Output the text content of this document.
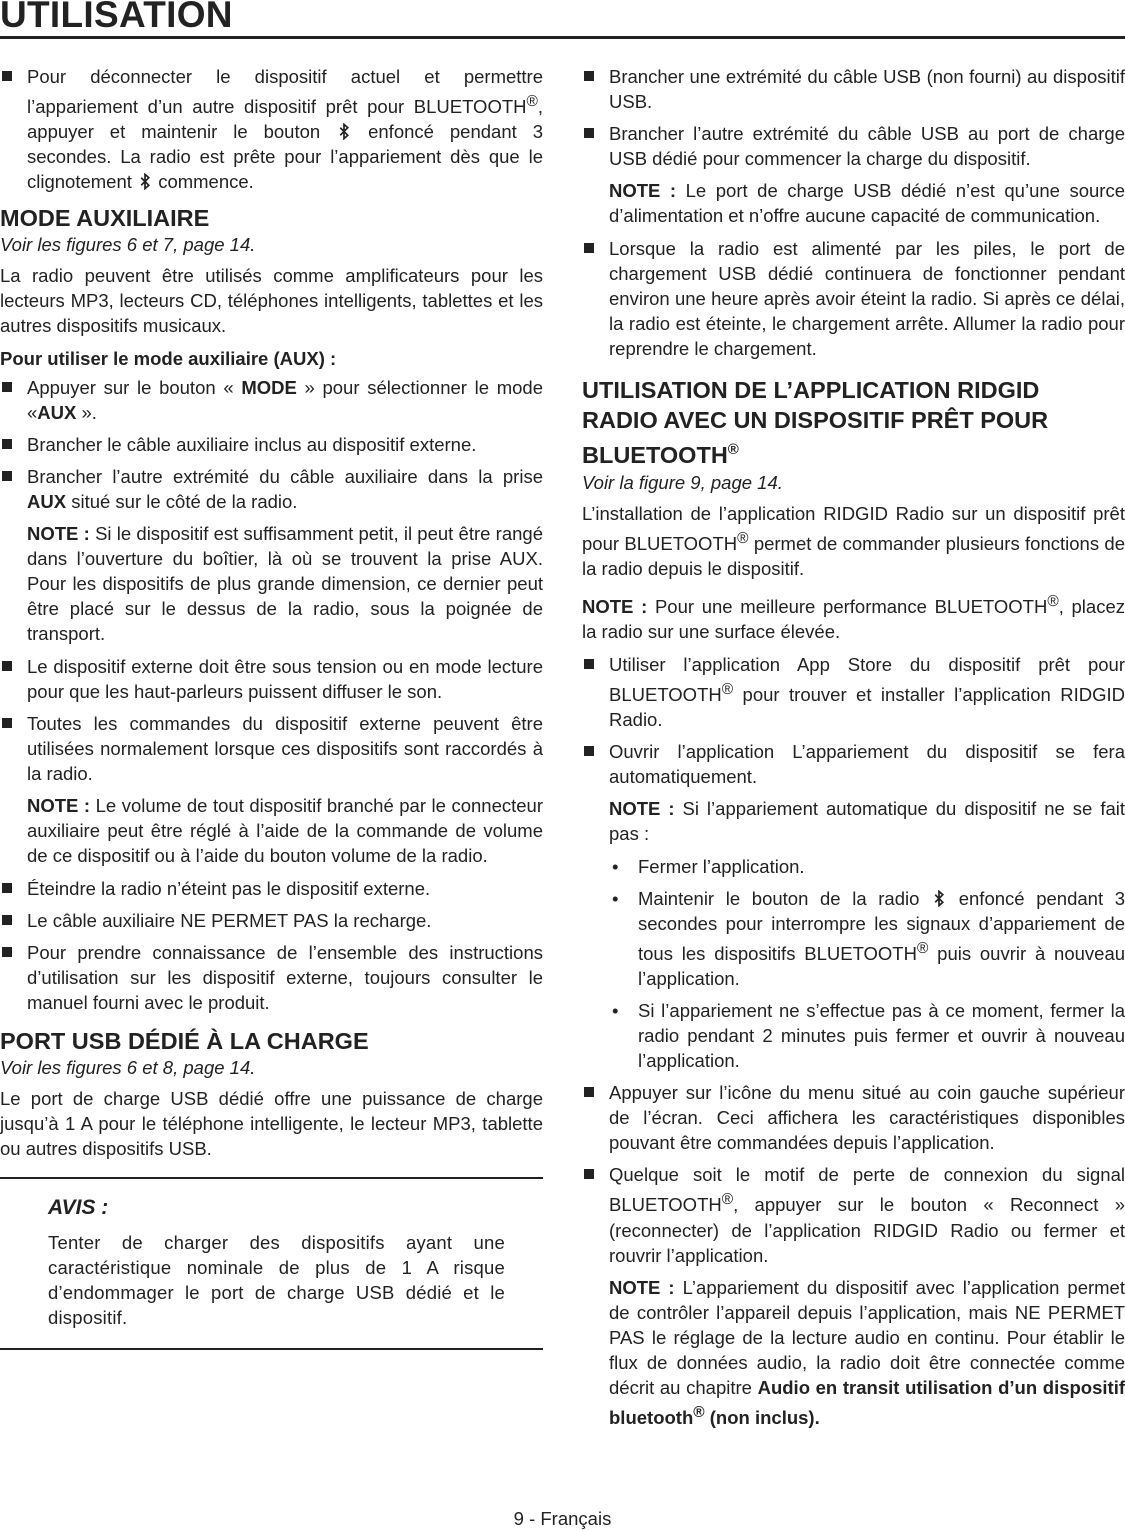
UTILISATION
Pour déconnecter le dispositif actuel et permettre l’appariement d’un autre dispositif prêt pour BLUETOOTH®, appuyer et maintenir le bouton	enfoncé pendant 3 secondes. La radio est prête pour l’appariement dès que le clignotement commence.
MODE AUXILIAIRE

Voir les figures 6 et 7, page 14.

La radio peuvent être utilisés comme amplificateurs pour les lecteurs MP3, lecteurs CD, téléphones intelligents, tablettes et les autres dispositifs musicaux.

Pour utiliser le mode auxiliaire (AUX) :

Appuyer sur le bouton « MODE » pour sélectionner le mode «AUX ».
Brancher le câble auxiliaire inclus au dispositif externe.
Brancher l’autre extrémité du câble auxiliaire dans la prise AUX situé sur le côté de la radio.

NOTE : Si le dispositif est suffisamment petit, il peut être rangé dans l’ouverture du boîtier, là où se trouvent la prise AUX. Pour les dispositifs de plus grande dimension, ce dernier peut être placé sur le dessus de la radio, sous la poignée de transport.

Le dispositif externe doit être sous tension ou en mode lecture pour que les haut-parleurs puissent diffuser le son.
Toutes les commandes du dispositif externe peuvent être utilisées normalement lorsque ces dispositifs sont raccordés à la radio.

NOTE : Le volume de tout dispositif branché par le connecteur auxiliaire peut être réglé à l’aide de la commande de volume de ce dispositif ou à l’aide du bouton volume de la radio.

Éteindre la radio n’éteint pas le dispositif externe.
Le câble auxiliaire NE PERMET PAS la recharge.
Pour prendre connaissance de l’ensemble des instructions d’utilisation sur les dispositif externe, toujours consulter le manuel fourni avec le produit.
PORT USB DÉDIÉ À LA CHARGE

Voir les figures 6 et 8, page 14.

Le port de charge USB dédié offre une puissance de charge jusqu’à 1 A pour le téléphone intelligente, le lecteur MP3, tablette ou autres dispositifs USB.

AVIS :

Tenter de charger des dispositifs ayant une caractéristique nominale de plus de 1 A risque d’endommager le port de charge USB dédié et le dispositif.

Brancher une extrémité du câble USB (non fourni) au dispositif USB.
Brancher l’autre extrémité du câble USB au port de charge USB dédié pour commencer la charge du dispositif.

NOTE : Le port de charge USB dédié n’est qu’une source d’alimentation et n’offre aucune capacité de communication.

Lorsque la radio est alimenté par les piles, le port de chargement USB dédié continuera de fonctionner pendant environ une heure après avoir éteint la radio. Si après ce délai, la radio est éteinte, le chargement arrête. Allumer la radio pour reprendre le chargement.
UTILISATION DE L’APPLICATION RIDGID
RADIO AVEC UN DISPOSITIF PRÊT POUR
BLUETOOTH®

Voir la figure 9, page 14.

L’installation de l’application RIDGID Radio sur un dispositif prêt pour BLUETOOTH® permet de commander plusieurs fonctions de la radio depuis le dispositif.

NOTE : Pour une meilleure performance BLUETOOTH®, placez la radio sur une surface élevée.

Utiliser l’application App Store du dispositif prêt pour BLUETOOTH® pour trouver et installer l’application RIDGID Radio.
Ouvrir l’application L’appariement du dispositif se fera automatiquement.

NOTE : Si l’appariement automatique du dispositif ne se fait pas :

• Fermer l’application.
• Maintenir le bouton de la radio enfoncé pendant 3 secondes pour interrompre les signaux d’appariement de tous les dispositifs BLUETOOTH® puis ouvrir à nouveau l’application.
• Si l’appariement ne s’effectue pas à ce moment, fermer la radio pendant 2 minutes puis fermer et ouvrir à nouveau l’application.
Appuyer sur l’icône du menu situé au coin gauche supérieur de l’écran. Ceci affichera les caractéristiques disponibles pouvant être commandées depuis l’application.
Quelque soit le motif de perte de connexion du signal BLUETOOTH®, appuyer sur le bouton « Reconnect » (reconnecter) de l’application RIDGID Radio ou fermer et rouvrir l’application.

NOTE : L’appariement du dispositif avec l’application permet de contrôler l’appareil depuis l’application, mais NE PERMET PAS le réglage de la lecture audio en continu. Pour établir le flux de données audio, la radio doit être connectée comme décrit au chapitre Audio en transit utilisation d’un dispositif bluetooth® (non inclus).

9 - Français
